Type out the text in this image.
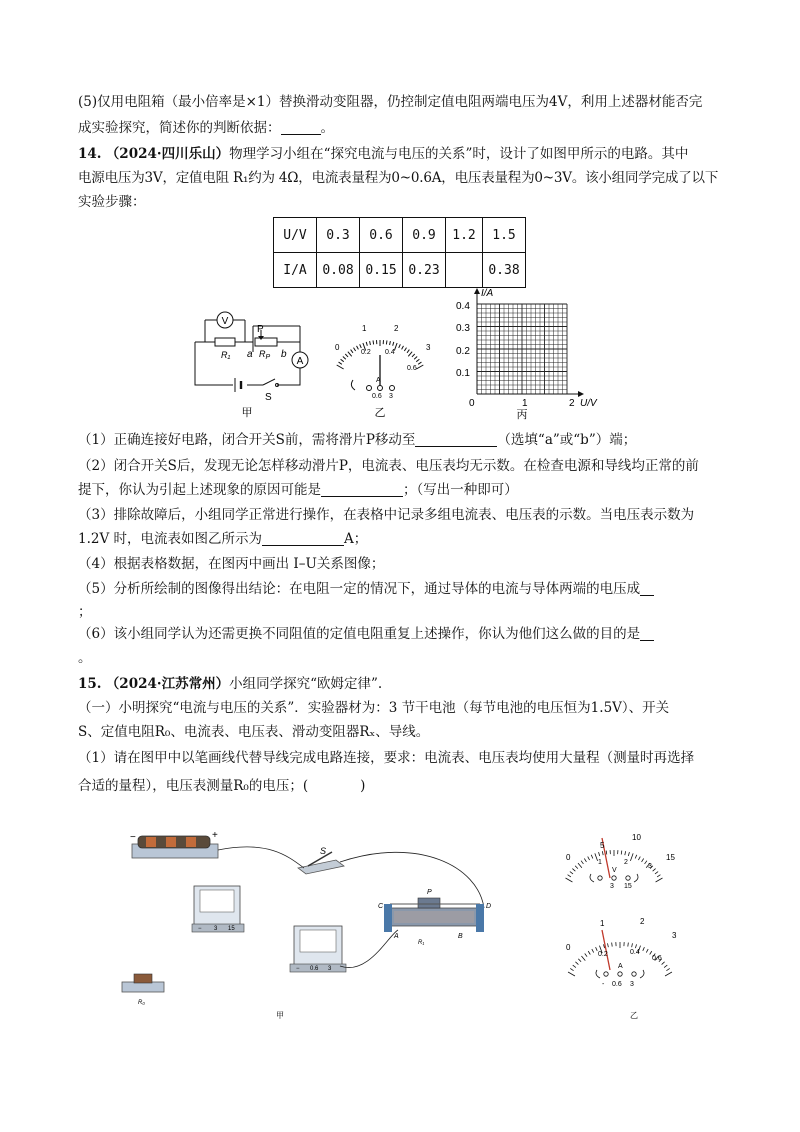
(5)仅用电阻箱（最小倍率是×1）替换滑动变阻器，仍控制定值电阻两端电压为4V，利用上述器材能否完
成实验探究，简述你的判断依据：	。
14. （2024·四川乐山）物理学习小组在“探究电流与电压的关系”时，设计了如图甲所示的电路。其中
电源电压为3V，定值电阻 R₁约为 4Ω，电流表量程为0~0.6A，电压表量程为0~3V。该小组同学完成了以下
实验步骤：
U/V	0.3	0.6	0.9	1.2	1.5
I/A	0.08	0.15	0.23		0.38
V
A
R₁
P
a $R_P$ b
S
甲
0
1	2
3
0.2 0.4
0.6
A
0.6 3
乙
I/A
U/V
0.1
0.2
0.3
0.4
0	1	2
丙
（1）正确连接好电路，闭合开关S前，需将滑片P移动至	（选填“a”或“b”）端；
（2）闭合开关S后，发现无论怎样移动滑片P，电流表、电压表均无示数。在检查电源和导线均正常的前
提下，你认为引起上述现象的原因可能是	；（写出一种即可）
（3）排除故障后，小组同学正常进行操作，在表格中记录多组电流表、电压表的示数。当电压表示数为
1.2V 时，电流表如图乙所示为	A；
（4）根据表格数据，在图丙中画出 I–U关系图像；
（5）分析所绘制的图像得出结论：在电阻一定的情况下，通过导体的电流与导体两端的电压成
；
（6）该小组同学认为还需更换不同阻值的定值电阻重复上述操作，你认为他们这么做的目的是
。
15. （2024·江苏常州）小组同学探究“欧姆定律”.
（一）小明探究“电流与电压的关系”．实验器材为：3 节干电池（每节电池的电压恒为1.5V）、开关
S、定值电阻R₀、电流表、电压表、滑动变阻器Rₓ、导线。
（1）请在图甲中以笔画线代替导线完成电路连接，要求：电流表、电压表均使用大量程（测量时再选择
合适的量程），电压表测量R₀的电压；(	)
−	+
S
− 3 15
− 0.6 3
C	D
P
A	B
R₁
R₀
甲
10
5
0	15
1	2
3
V
3 15
1	2
0
3
0.2	0.4
0.6
A
- 0.6 3
乙
